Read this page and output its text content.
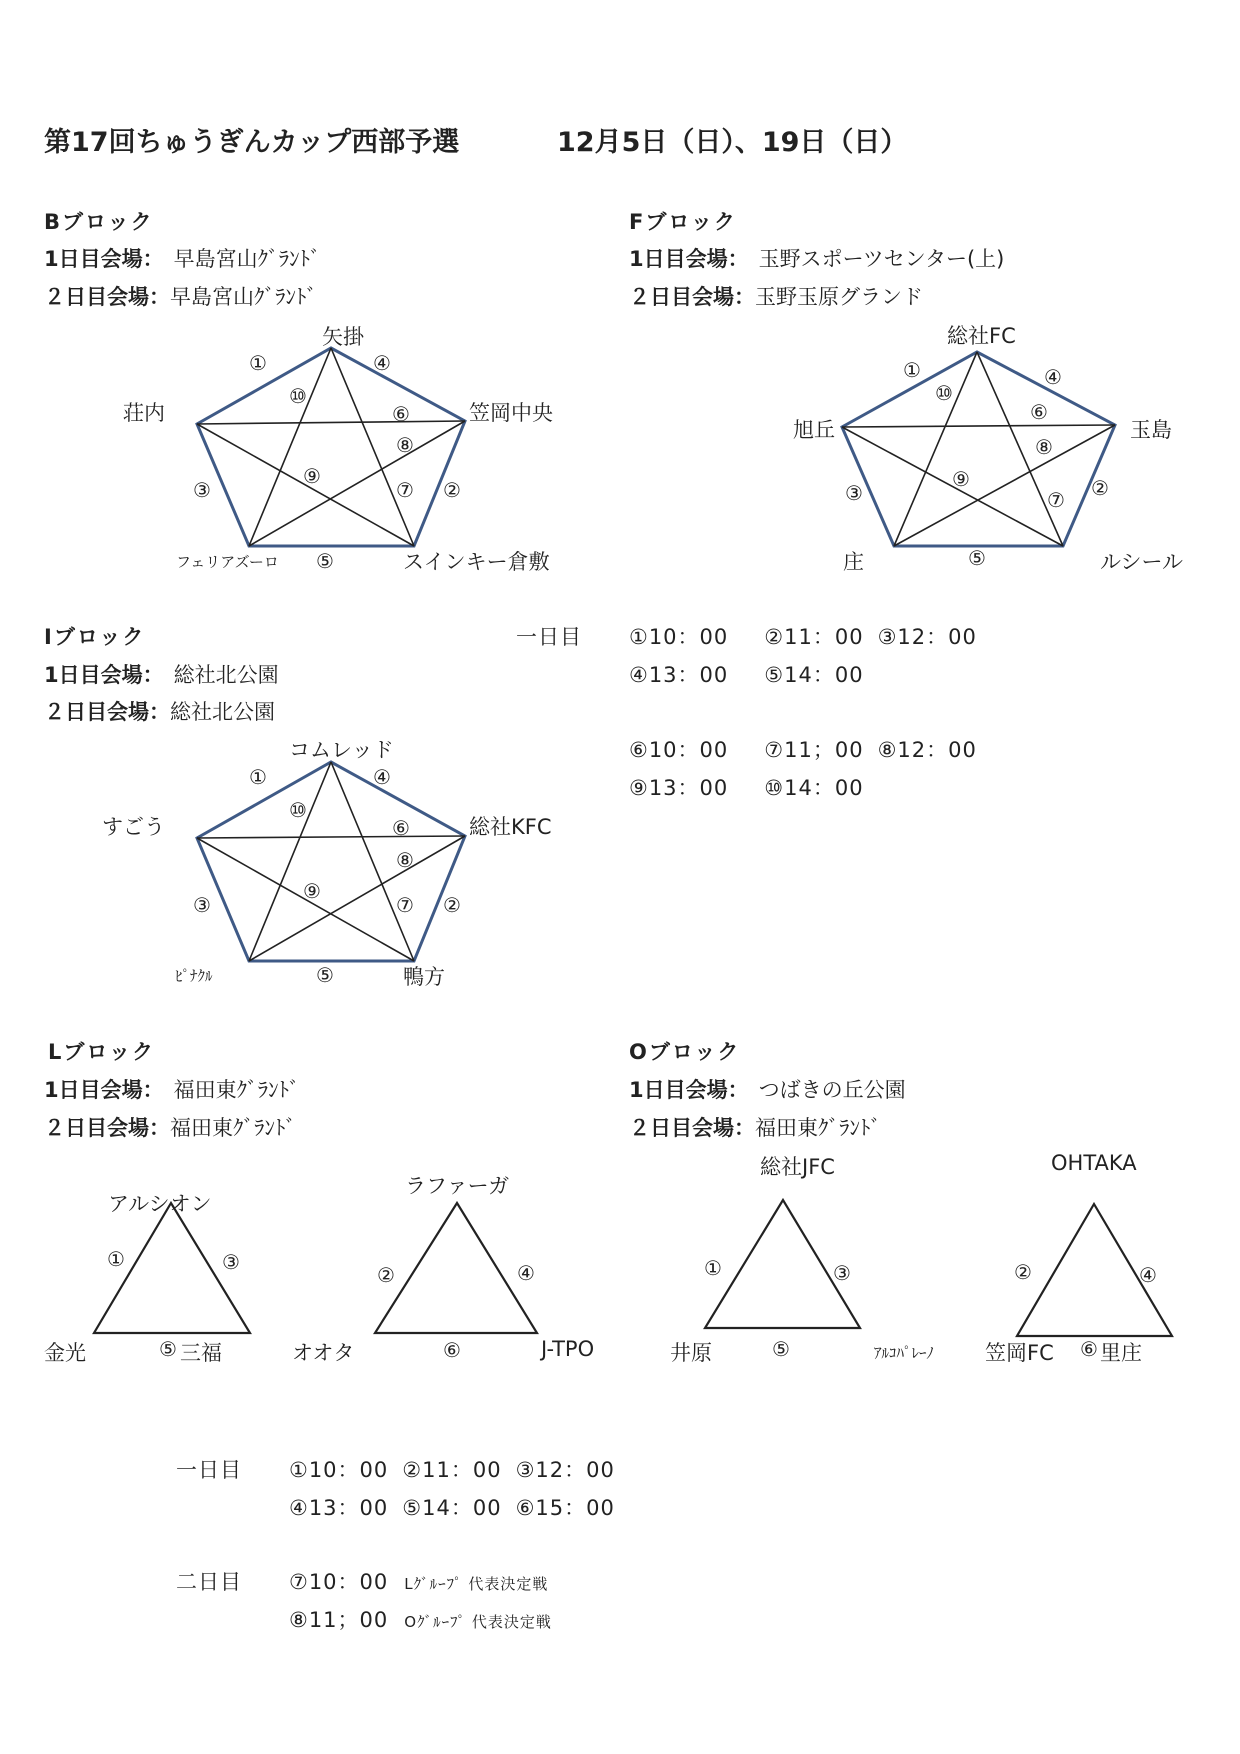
第17回ちゅうぎんカップ西部予選	12月5日（日）、19日（日）
Bブロック
1日目会場： 早島宮山ｸﾞﾗﾝﾄﾞ
２日目会場：早島宮山ｸﾞﾗﾝﾄﾞ
矢掛
笠岡中央
スインキー倉敷
フェリアズーロ
荘内
①	④
⑩
⑥
⑧
⑨
③	⑦ ②
⑤
Fブロック
1日目会場： 玉野スポーツセンター(上)
２日目会場：玉野玉原グランド
総社FC
玉島
ルシール
庄
旭丘
①	④
⑩
⑥
⑧
⑨
③	⑦ ②
⑤
Iブロック
1日目会場： 総社北公園
２日目会場：総社北公園
コムレッド
総社KFC
鴨方
ﾋﾟﾅｸﾙ
すごう
①	④
⑩
⑥
⑧
⑨
③	⑦ ②
⑤
一日目 ①10：00 ②11：00 ③12：00
④13：00 ⑤14：00
⑥10：00 ⑦11；00 ⑧12：00
⑨13：00 ⑩14：00
Lブロック
1日目会場： 福田東ｸﾞﾗﾝﾄﾞ
２日目会場：福田東ｸﾞﾗﾝﾄﾞ
アルシオン
三福
金光
①	③
⑤
ラファーガ
J-TPO
オオタ
②	④
⑥
Oブロック
1日目会場： つばきの丘公園
２日目会場：福田東ｸﾞﾗﾝﾄﾞ
総社JFC
ｱﾙｺﾊﾟﾚｰﾉ
井原
①	③
⑤
OHTAKA
里庄
笠岡FC
②	④
⑥
一日目 ①10：00 ②11：00 ③12：00
④13：00 ⑤14：00 ⑥15：00
二日目 ⑦10：00 Lｸﾞﾙｰﾌﾟ 代表決定戦
⑧11；00 Oｸﾞﾙｰﾌﾟ 代表決定戦
